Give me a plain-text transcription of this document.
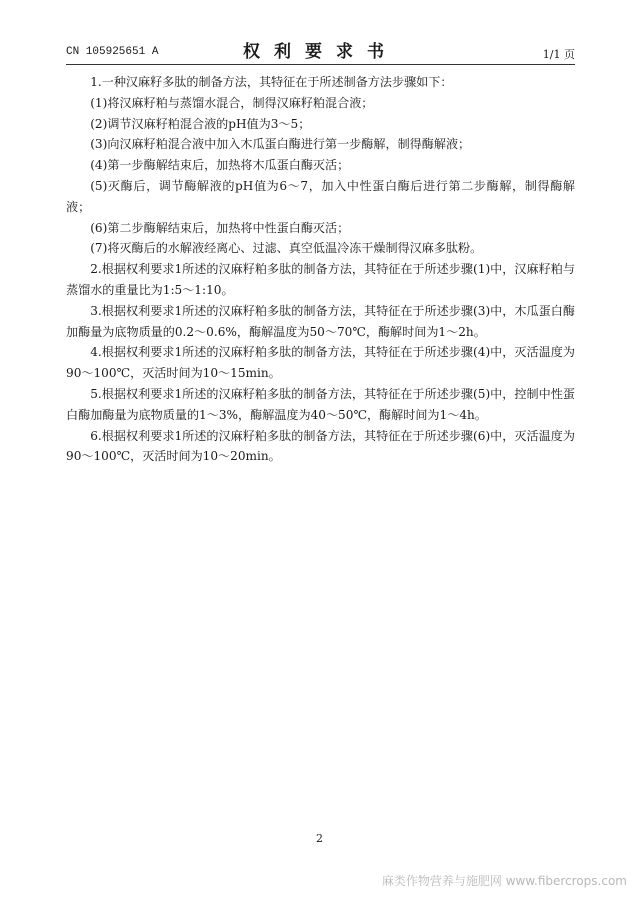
CN 105925651 A	权利要求书	1/1 页

1.一种汉麻籽多肽的制备方法，其特征在于所述制备方法步骤如下：

(1)将汉麻籽粕与蒸馏水混合，制得汉麻籽粕混合液；

(2)调节汉麻籽粕混合液的pH值为3～5；

(3)向汉麻籽粕混合液中加入木瓜蛋白酶进行第一步酶解，制得酶解液；

(4)第一步酶解结束后，加热将木瓜蛋白酶灭活；

(5)灭酶后，调节酶解液的pH值为6～7，加入中性蛋白酶后进行第二步酶解，制得酶解液；

(6)第二步酶解结束后，加热将中性蛋白酶灭活；

(7)将灭酶后的水解液经离心、过滤、真空低温冷冻干燥制得汉麻多肽粉。

2.根据权利要求1所述的汉麻籽粕多肽的制备方法，其特征在于所述步骤(1)中，汉麻籽粕与蒸馏水的重量比为1:5～1:10。

3.根据权利要求1所述的汉麻籽粕多肽的制备方法，其特征在于所述步骤(3)中，木瓜蛋白酶加酶量为底物质量的0.2～0.6%，酶解温度为50～70℃，酶解时间为1～2h。

4.根据权利要求1所述的汉麻籽粕多肽的制备方法，其特征在于所述步骤(4)中，灭活温度为90～100℃，灭活时间为10～15min。

5.根据权利要求1所述的汉麻籽粕多肽的制备方法，其特征在于所述步骤(5)中，控制中性蛋白酶加酶量为底物质量的1～3%，酶解温度为40～50℃，酶解时间为1～4h。

6.根据权利要求1所述的汉麻籽粕多肽的制备方法，其特征在于所述步骤(6)中，灭活温度为90～100℃，灭活时间为10～20min。

2
麻类作物营养与施肥网 www.fibercrops.com
